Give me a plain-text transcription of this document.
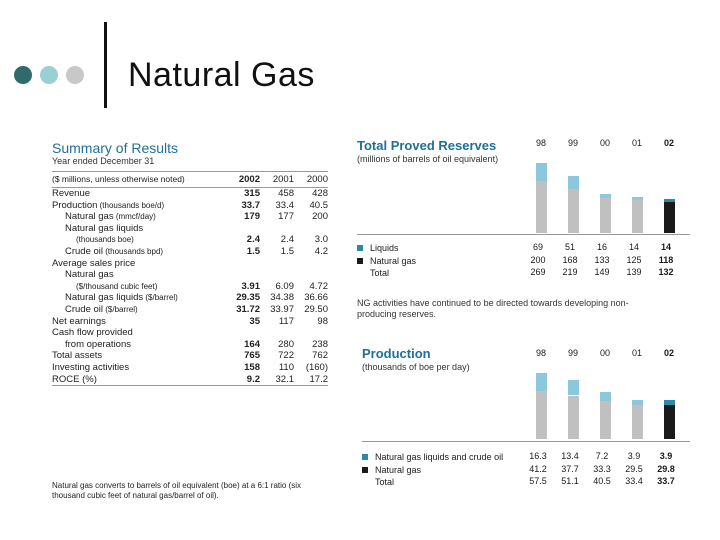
Natural Gas
Summary of Results
Year ended December 31
($ millions, unless otherwise noted)	2002	2001	2000
Revenue	315	458	428
Production (thousands boe/d)	33.7	33.4	40.5
Natural gas (mmcf/day)	179	177	200
Natural gas liquids			
(thousands boe)	2.4	2.4	3.0
Crude oil (thousands bpd)	1.5	1.5	4.2
Average sales price			
Natural gas			
($/thousand cubic feet)	3.91	6.09	4.72
Natural gas liquids ($/barrel)	29.35	34.38	36.66
Crude oil ($/barrel)	31.72	33.97	29.50
Net earnings	35	117	98
Cash flow provided			
from operations	164	280	238
Total assets	765	722	762
Investing activities	158	110	(160)
ROCE (%)	9.2	32.1	17.2
Natural gas converts to barrels of oil equivalent (boe) at a 6:1 ratio (six thousand cubic feet of natural gas/barrel of oil).
Total Proved Reserves
(millions of barrels of oil equivalent)
98	99	00	01	02
Liquids	69	51	16	14	14
Natural gas	200	168	133	125	118
Total	269	219	149	139	132
NG activities have continued to be directed towards developing non-producing reserves.
Production
(thousands of boe per day)
98	99	00	01	02
Natural gas liquids and crude oil	16.3	13.4	7.2	3.9	3.9
Natural gas	41.2	37.7	33.3	29.5	29.8
Total	57.5	51.1	40.5	33.4	33.7
